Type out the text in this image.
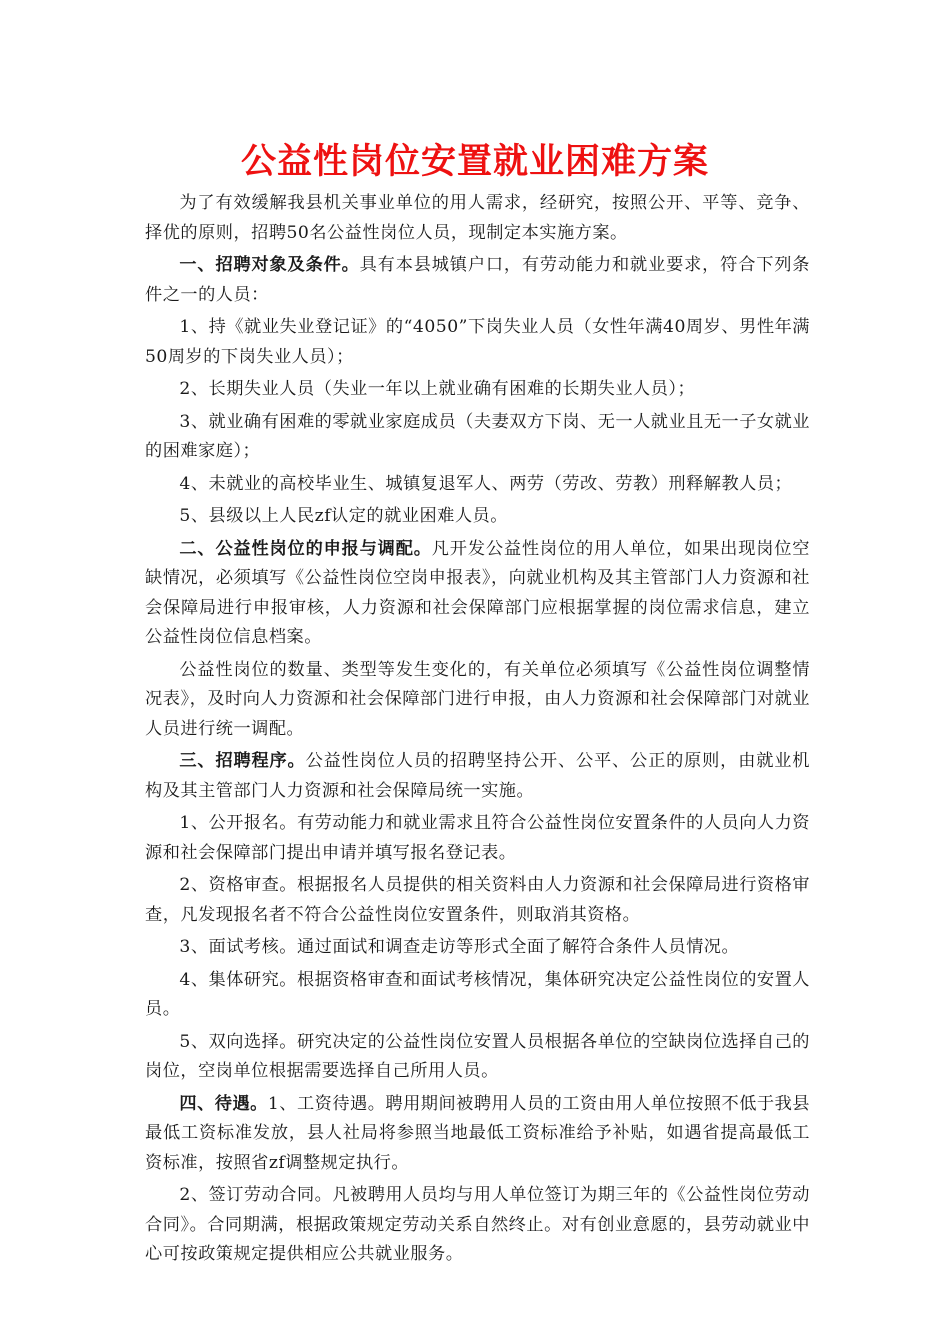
公益性岗位安置就业困难方案

为了有效缓解我县机关事业单位的用人需求，经研究，按照公开、平等、竞争、择优的原则，招聘50名公益性岗位人员，现制定本实施方案。

一、招聘对象及条件。具有本县城镇户口，有劳动能力和就业要求，符合下列条件之一的人员：

1、持《就业失业登记证》的“4050”下岗失业人员（女性年满40周岁、男性年满50周岁的下岗失业人员）；

2、长期失业人员（失业一年以上就业确有困难的长期失业人员）；

3、就业确有困难的零就业家庭成员（夫妻双方下岗、无一人就业且无一子女就业的困难家庭）；

4、未就业的高校毕业生、城镇复退军人、两劳（劳改、劳教）刑释解教人员；

5、县级以上人民zf认定的就业困难人员。

二、公益性岗位的申报与调配。凡开发公益性岗位的用人单位，如果出现岗位空缺情况，必须填写《公益性岗位空岗申报表》，向就业机构及其主管部门人力资源和社会保障局进行申报审核，人力资源和社会保障部门应根据掌握的岗位需求信息，建立公益性岗位信息档案。

公益性岗位的数量、类型等发生变化的，有关单位必须填写《公益性岗位调整情况表》，及时向人力资源和社会保障部门进行申报，由人力资源和社会保障部门对就业人员进行统一调配。

三、招聘程序。公益性岗位人员的招聘坚持公开、公平、公正的原则，由就业机构及其主管部门人力资源和社会保障局统一实施。

1、公开报名。有劳动能力和就业需求且符合公益性岗位安置条件的人员向人力资源和社会保障部门提出申请并填写报名登记表。

2、资格审查。根据报名人员提供的相关资料由人力资源和社会保障局进行资格审查，凡发现报名者不符合公益性岗位安置条件，则取消其资格。

3、面试考核。通过面试和调查走访等形式全面了解符合条件人员情况。

4、集体研究。根据资格审查和面试考核情况，集体研究决定公益性岗位的安置人员。

5、双向选择。研究决定的公益性岗位安置人员根据各单位的空缺岗位选择自己的岗位，空岗单位根据需要选择自己所用人员。

四、待遇。1、工资待遇。聘用期间被聘用人员的工资由用人单位按照不低于我县最低工资标准发放，县人社局将参照当地最低工资标准给予补贴，如遇省提高最低工资标准，按照省zf调整规定执行。

2、签订劳动合同。凡被聘用人员均与用人单位签订为期三年的《公益性岗位劳动合同》。合同期满，根据政策规定劳动关系自然终止。对有创业意愿的，县劳动就业中心可按政策规定提供相应公共就业服务。
